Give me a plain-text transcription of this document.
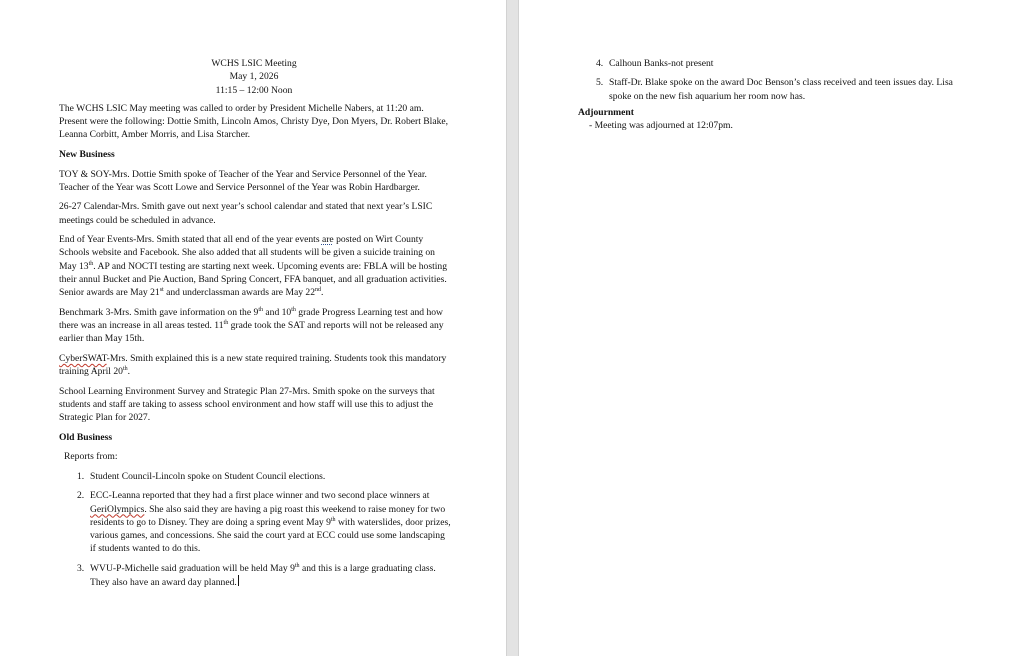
WCHS LSIC Meeting
May 1, 2026
11:15 – 12:00 Noon

The WCHS LSIC May meeting was called to order by President Michelle Nabers, at 11:20 am. Present were the following: Dottie Smith, Lincoln Amos, Christy Dye, Don Myers, Dr. Robert Blake, Leanna Corbitt, Amber Morris, and Lisa Starcher.

New Business

TOY & SOY-Mrs. Dottie Smith spoke of Teacher of the Year and Service Personnel of the Year. Teacher of the Year was Scott Lowe and Service Personnel of the Year was Robin Hardbarger.

26-27 Calendar-Mrs. Smith gave out next year’s school calendar and stated that next year’s LSIC meetings could be scheduled in advance.

End of Year Events-Mrs. Smith stated that all end of the year events are posted on Wirt County Schools website and Facebook. She also added that all students will be given a suicide training on May 13th. AP and NOCTI testing are starting next week. Upcoming events are: FBLA will be hosting their annul Bucket and Pie Auction, Band Spring Concert, FFA banquet, and all graduation activities. Senior awards are May 21st and underclassman awards are May 22nd.

Benchmark 3-Mrs. Smith gave information on the 9th and 10th grade Progress Learning test and how there was an increase in all areas tested. 11th grade took the SAT and reports will not be released any earlier than May 15th.

CyberSWAT-Mrs. Smith explained this is a new state required training. Students took this mandatory training April 20th.

School Learning Environment Survey and Strategic Plan 27-Mrs. Smith spoke on the surveys that students and staff are taking to assess school environment and how staff will use this to adjust the Strategic Plan for 2027.

Old Business
Reports from:
1. Student Council-Lincoln spoke on Student Council elections.
2. ECC-Leanna reported that they had a first place winner and two second place winners at GeriOlympics. She also said they are having a pig roast this weekend to raise money for two residents to go to Disney. They are doing a spring event May 9th with waterslides, door prizes, various games, and concessions. She said the court yard at ECC could use some landscaping if students wanted to do this.
3. WVU-P-Michelle said graduation will be held May 9th and this is a large graduating class. They also have an award day planned.
4. Calhoun Banks-not present
5. Staff-Dr. Blake spoke on the award Doc Benson’s class received and teen issues day. Lisa spoke on the new fish aquarium her room now has.
Adjournment
- Meeting was adjourned at 12:07pm.
